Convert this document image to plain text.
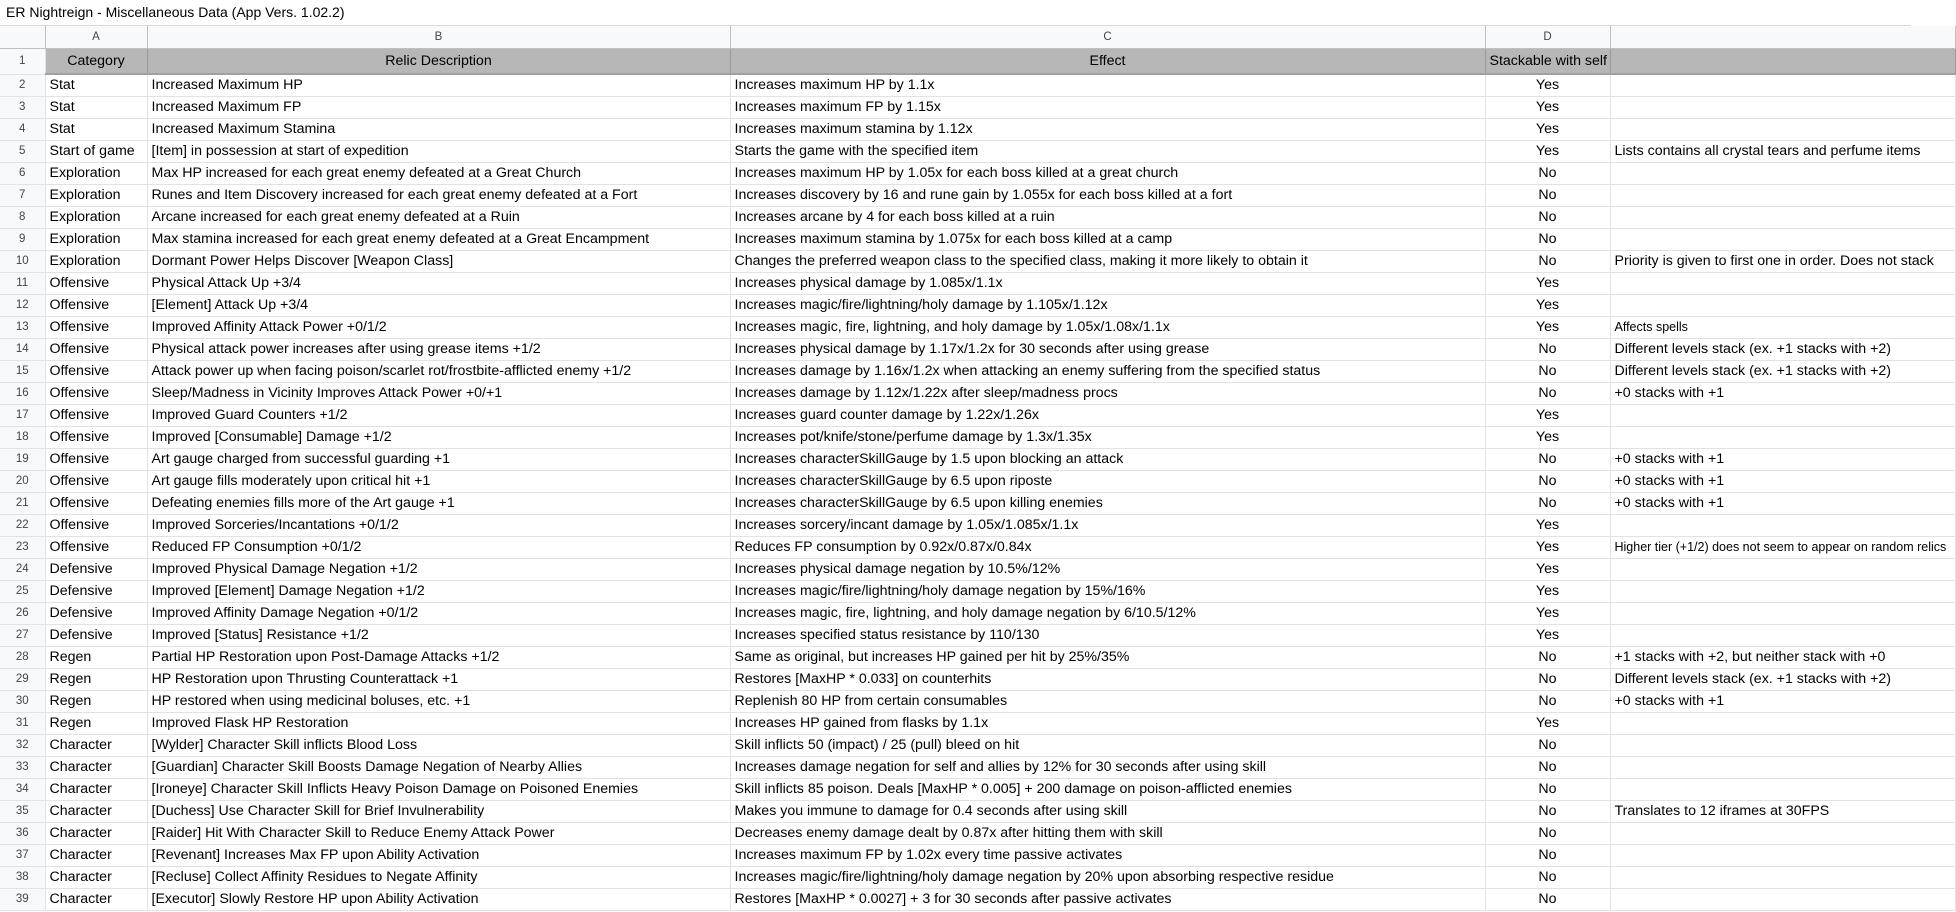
ER Nightreign - Miscellaneous Data (App Vers. 1.02.2)
	A	B	C	D	
1	Category	Relic Description	Effect	Stackable with self	
2	Stat	Increased Maximum HP	Increases maximum HP by 1.1x	Yes	
3	Stat	Increased Maximum FP	Increases maximum FP by 1.15x	Yes	
4	Stat	Increased Maximum Stamina	Increases maximum stamina by 1.12x	Yes	
5	Start of game	[Item] in possession at start of expedition	Starts the game with the specified item	Yes	Lists contains all crystal tears and perfume items
6	Exploration	Max HP increased for each great enemy defeated at a Great Church	Increases maximum HP by 1.05x for each boss killed at a great church	No	
7	Exploration	Runes and Item Discovery increased for each great enemy defeated at a Fort	Increases discovery by 16 and rune gain by 1.055x for each boss killed at a fort	No	
8	Exploration	Arcane increased for each great enemy defeated at a Ruin	Increases arcane by 4 for each boss killed at a ruin	No	
9	Exploration	Max stamina increased for each great enemy defeated at a Great Encampment	Increases maximum stamina by 1.075x for each boss killed at a camp	No	
10	Exploration	Dormant Power Helps Discover [Weapon Class]	Changes the preferred weapon class to the specified class, making it more likely to obtain it	No	Priority is given to first one in order. Does not stack
11	Offensive	Physical Attack Up +3/4	Increases physical damage by 1.085x/1.1x	Yes	
12	Offensive	[Element] Attack Up +3/4	Increases magic/fire/lightning/holy damage by 1.105x/1.12x	Yes	
13	Offensive	Improved Affinity Attack Power +0/1/2	Increases magic, fire, lightning, and holy damage by 1.05x/1.08x/1.1x	Yes	Affects spells
14	Offensive	Physical attack power increases after using grease items +1/2	Increases physical damage by 1.17x/1.2x for 30 seconds after using grease	No	Different levels stack (ex. +1 stacks with +2)
15	Offensive	Attack power up when facing poison/scarlet rot/frostbite-afflicted enemy +1/2	Increases damage by 1.16x/1.2x when attacking an enemy suffering from the specified status	No	Different levels stack (ex. +1 stacks with +2)
16	Offensive	Sleep/Madness in Vicinity Improves Attack Power +0/+1	Increases damage by 1.12x/1.22x after sleep/madness procs	No	+0 stacks with +1
17	Offensive	Improved Guard Counters +1/2	Increases guard counter damage by 1.22x/1.26x	Yes	
18	Offensive	Improved [Consumable] Damage +1/2	Increases pot/knife/stone/perfume damage by 1.3x/1.35x	Yes	
19	Offensive	Art gauge charged from successful guarding +1	Increases characterSkillGauge by 1.5 upon blocking an attack	No	+0 stacks with +1
20	Offensive	Art gauge fills moderately upon critical hit +1	Increases characterSkillGauge by 6.5 upon riposte	No	+0 stacks with +1
21	Offensive	Defeating enemies fills more of the Art gauge +1	Increases characterSkillGauge by 6.5 upon killing enemies	No	+0 stacks with +1
22	Offensive	Improved Sorceries/Incantations +0/1/2	Increases sorcery/incant damage by 1.05x/1.085x/1.1x	Yes	
23	Offensive	Reduced FP Consumption +0/1/2	Reduces FP consumption by 0.92x/0.87x/0.84x	Yes	Higher tier (+1/2) does not seem to appear on random relics
24	Defensive	Improved Physical Damage Negation +1/2	Increases physical damage negation by 10.5%/12%	Yes	
25	Defensive	Improved [Element] Damage Negation +1/2	Increases magic/fire/lightning/holy damage negation by 15%/16%	Yes	
26	Defensive	Improved Affinity Damage Negation +0/1/2	Increases magic, fire, lightning, and holy damage negation by 6/10.5/12%	Yes	
27	Defensive	Improved [Status] Resistance +1/2	Increases specified status resistance by 110/130	Yes	
28	Regen	Partial HP Restoration upon Post-Damage Attacks +1/2	Same as original, but increases HP gained per hit by 25%/35%	No	+1 stacks with +2, but neither stack with +0
29	Regen	HP Restoration upon Thrusting Counterattack +1	Restores [MaxHP * 0.033] on counterhits	No	Different levels stack (ex. +1 stacks with +2)
30	Regen	HP restored when using medicinal boluses, etc. +1	Replenish 80 HP from certain consumables	No	+0 stacks with +1
31	Regen	Improved Flask HP Restoration	Increases HP gained from flasks by 1.1x	Yes	
32	Character	[Wylder] Character Skill inflicts Blood Loss	Skill inflicts 50 (impact) / 25 (pull) bleed on hit	No	
33	Character	[Guardian] Character Skill Boosts Damage Negation of Nearby Allies	Increases damage negation for self and allies by 12% for 30 seconds after using skill	No	
34	Character	[Ironeye] Character Skill Inflicts Heavy Poison Damage on Poisoned Enemies	Skill inflicts 85 poison. Deals [MaxHP * 0.005] + 200 damage on poison-afflicted enemies	No	
35	Character	[Duchess] Use Character Skill for Brief Invulnerability	Makes you immune to damage for 0.4 seconds after using skill	No	Translates to 12 iframes at 30FPS
36	Character	[Raider] Hit With Character Skill to Reduce Enemy Attack Power	Decreases enemy damage dealt by 0.87x after hitting them with skill	No	
37	Character	[Revenant] Increases Max FP upon Ability Activation	Increases maximum FP by 1.02x every time passive activates	No	
38	Character	[Recluse] Collect Affinity Residues to Negate Affinity	Increases magic/fire/lightning/holy damage negation by 20% upon absorbing respective residue	No	
39	Character	[Executor] Slowly Restore HP upon Ability Activation	Restores [MaxHP * 0.0027] + 3 for 30 seconds after passive activates	No	
